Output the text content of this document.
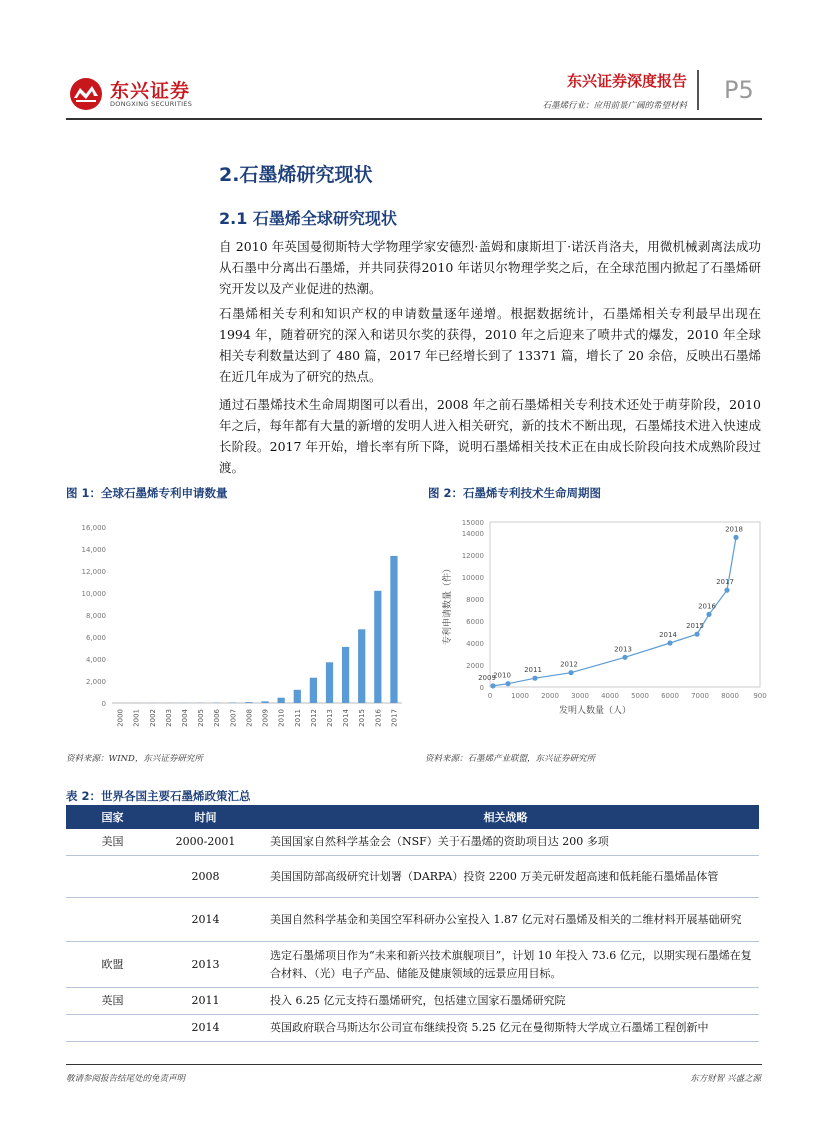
东兴证券
DONGXING SECURITIES
东兴证券深度报告
石墨烯行业：应用前景广阔的希望材料
P5
2.石墨烯研究现状
2.1 石墨烯全球研究现状
自 2010 年英国曼彻斯特大学物理学家安德烈·盖姆和康斯坦丁·诺沃肖洛夫，用微机械剥离法成功从石墨中分离出石墨烯，并共同获得2010 年诺贝尔物理学奖之后，在全球范围内掀起了石墨烯研究开发以及产业促进的热潮。
石墨烯相关专利和知识产权的申请数量逐年递增。根据数据统计，石墨烯相关专利最早出现在 1994 年，随着研究的深入和诺贝尔奖的获得，2010 年之后迎来了喷井式的爆发，2010 年全球相关专利数量达到了 480 篇，2017 年已经增长到了 13371 篇，增长了 20 余倍，反映出石墨烯在近几年成为了研究的热点。
通过石墨烯技术生命周期图可以看出，2008 年之前石墨烯相关专利技术还处于萌芽阶段，2010 年之后，每年都有大量的新增的发明人进入相关研究，新的技术不断出现，石墨烯技术进入快速成长阶段。2017 年开始，增长率有所下降，说明石墨烯相关技术正在由成长阶段向技术成熟阶段过渡。
图 1：全球石墨烯专利申请数量	图 2：石墨烯专利技术生命周期图
0
2,000
4,000
6,000
8,000
10,000
12,000
14,000
16,000
2000 2001 2002 2003 2004 2005 2006 2007 2008 2009 2010 2011 2012 2013 2014 2015 2016 2017
0
2000
4000
6000
8000
10000
12000
14000
15000
0	1000 2000 3000 4000 5000 6000 7000 8000 900
发明人数量（人）
专利申请数量（件）
2009
2010
2011
2012
2013
2014
2015
2016
2017
2018
资料来源：WIND，东兴证券研究所	资料来源：石墨烯产业联盟，东兴证券研究所
表 2：世界各国主要石墨烯政策汇总
国家	时间	相关战略
美国	2000-2001	美国国家自然科学基金会（NSF）关于石墨烯的资助项目达 200 多项
	2008	美国国防部高级研究计划署（DARPA）投资 2200 万美元研发超高速和低耗能石墨烯晶体管
	2014	美国自然科学基金和美国空军科研办公室投入 1.87 亿元对石墨烯及相关的二维材料开展基础研究
欧盟	2013	选定石墨烯项目作为“未来和新兴技术旗舰项目”，计划 10 年投入 73.6 亿元，以期实现石墨烯在复合材料、（光）电子产品、储能及健康领域的远景应用目标。
英国	2011	投入 6.25 亿元支持石墨烯研究，包括建立国家石墨烯研究院
	2014	英国政府联合马斯达尔公司宣布继续投资 5.25 亿元在曼彻斯特大学成立石墨烯工程创新中
敬请参阅报告结尾处的免责声明	东方财智 兴盛之源
